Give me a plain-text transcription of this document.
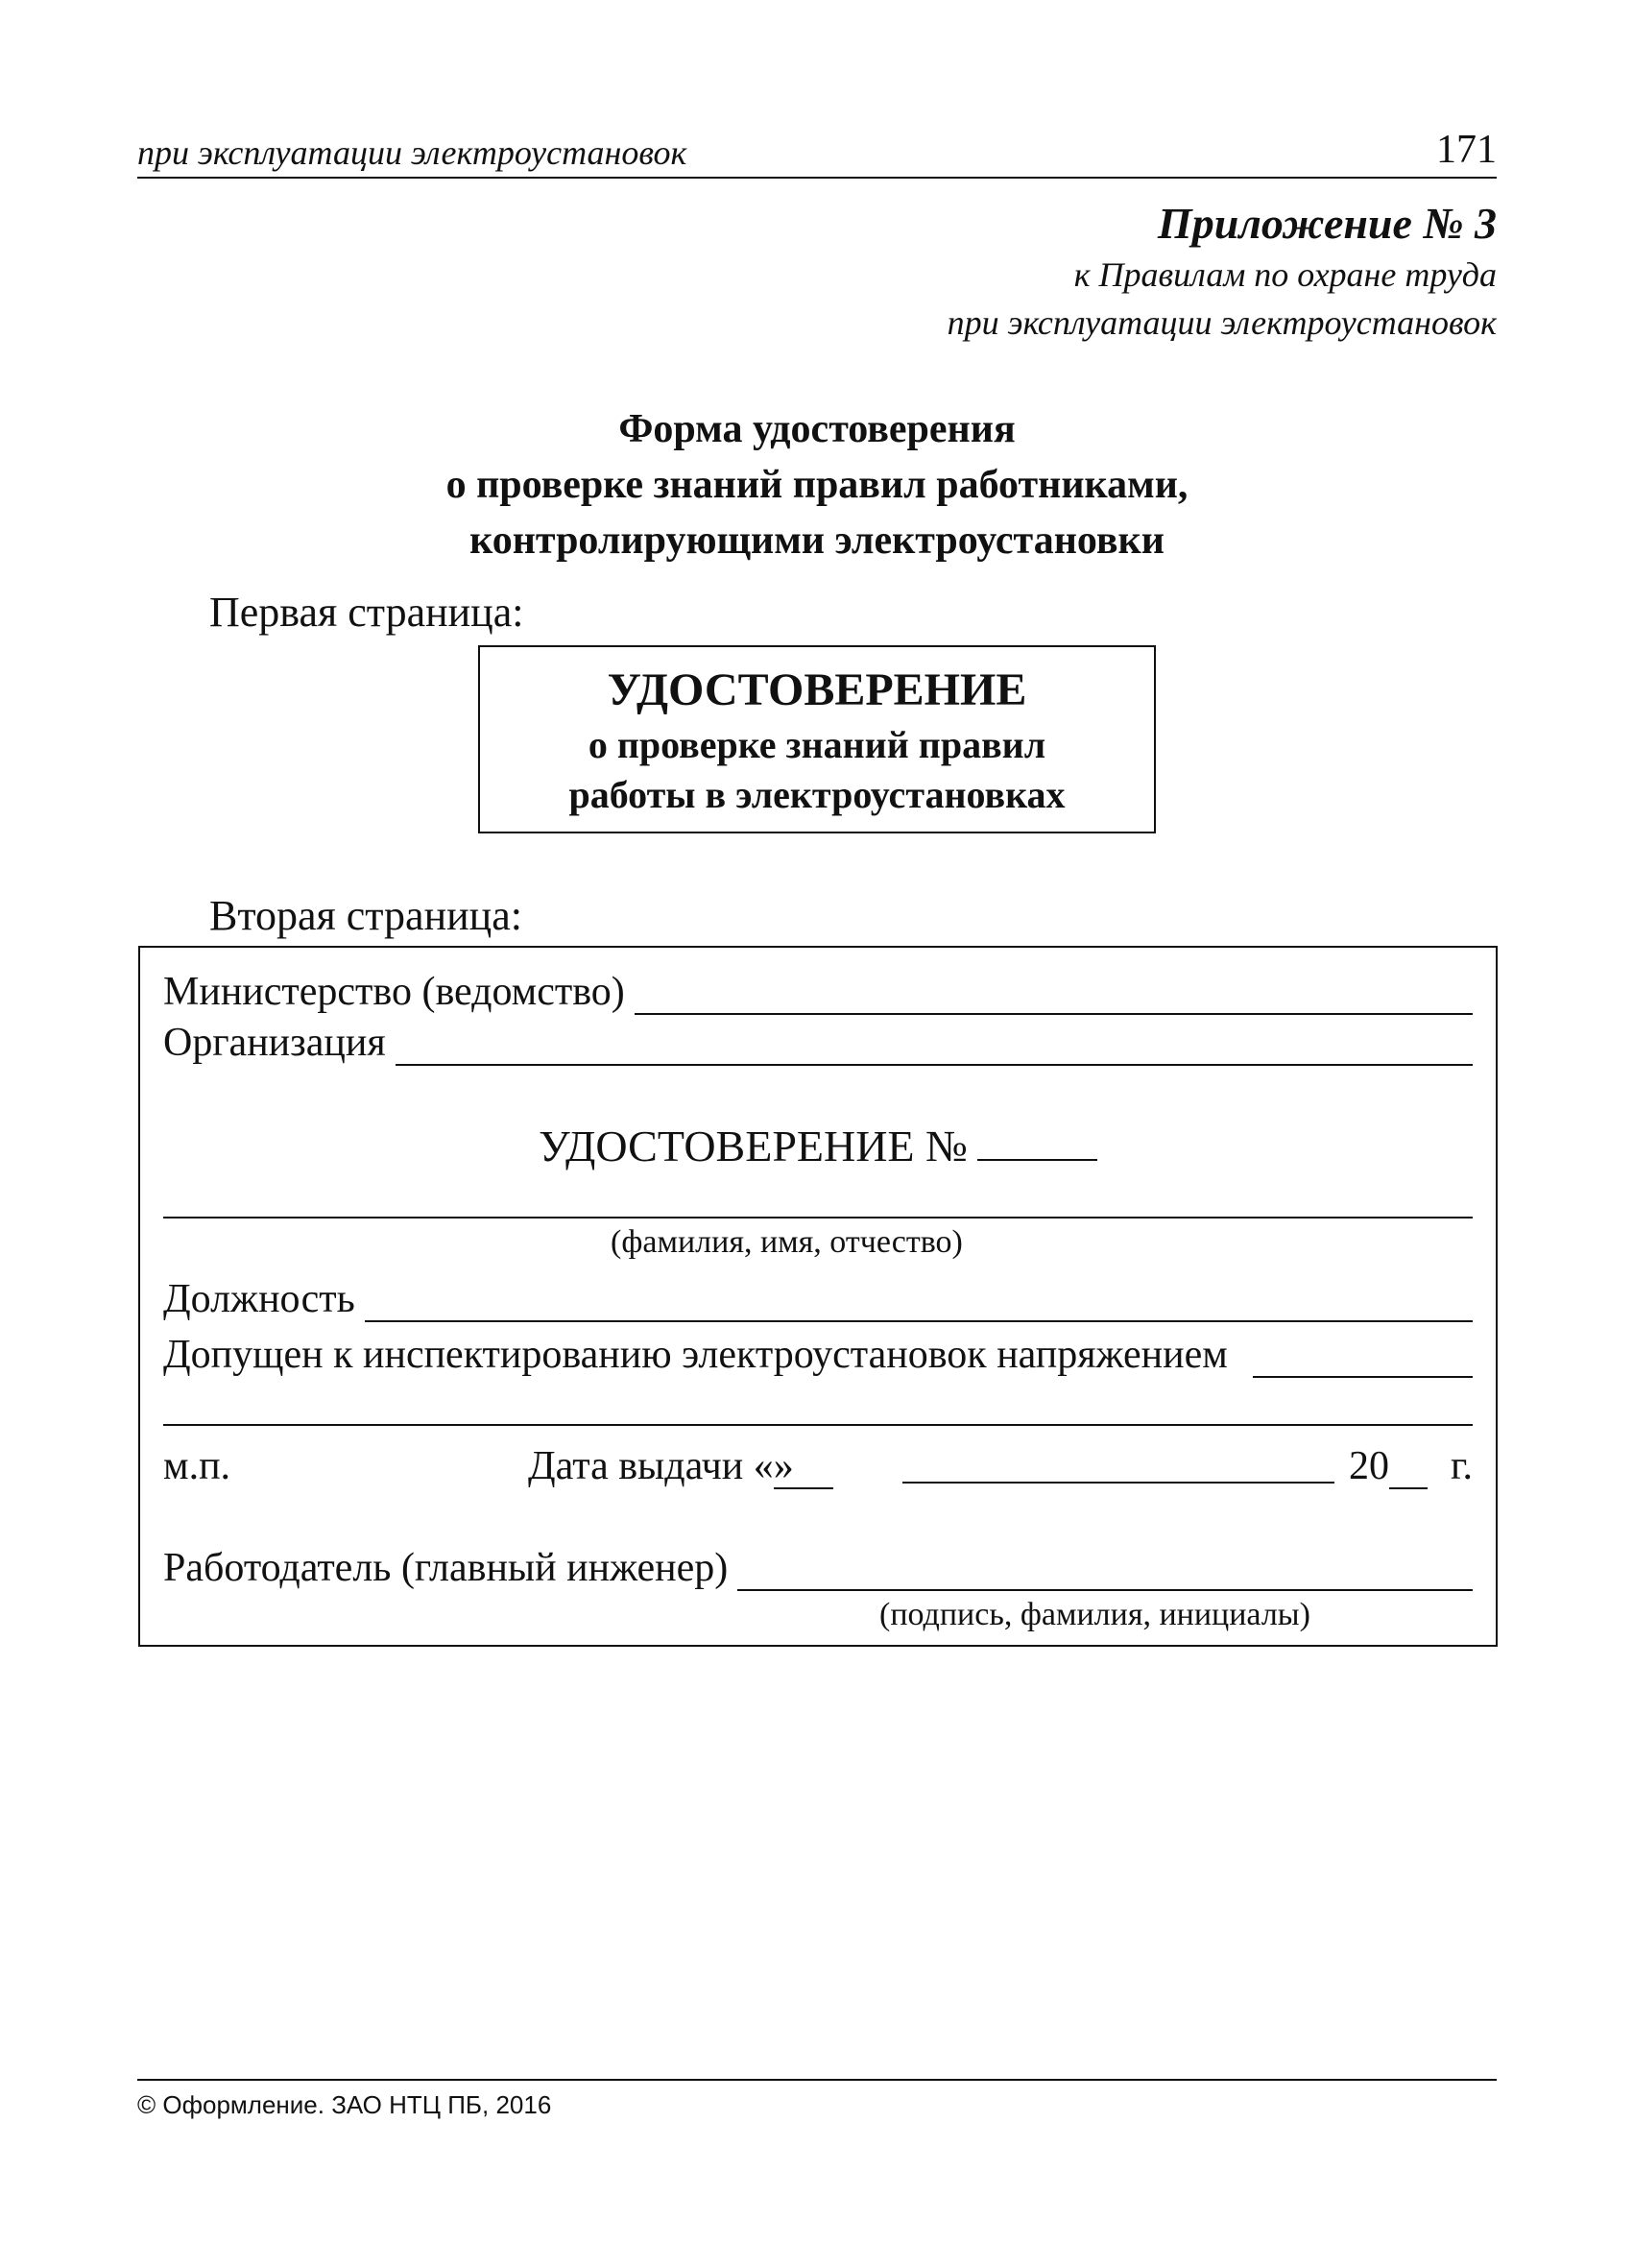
при эксплуатации электроустановок	171
Приложение № 3
к Правилам по охране труда
при эксплуатации электроустановок
Форма удостоверения
о проверке знаний правил работниками,
контролирующими электроустановки
Первая страница:
УДОСТОВЕРЕНИЕ
о проверке знаний правил
работы в электроустановках
Вторая страница:
Министерство (ведомство)
Организация
УДОСТОВЕРЕНИЕ №
(фамилия, имя, отчество)
Должность
Допущен к инспектированию электроустановок напряжением
м.п.	Дата выдачи «
»	20 г.
Работодатель (главный инженер)
(подпись, фамилия, инициалы)
© Оформление. ЗАО НТЦ ПБ, 2016
